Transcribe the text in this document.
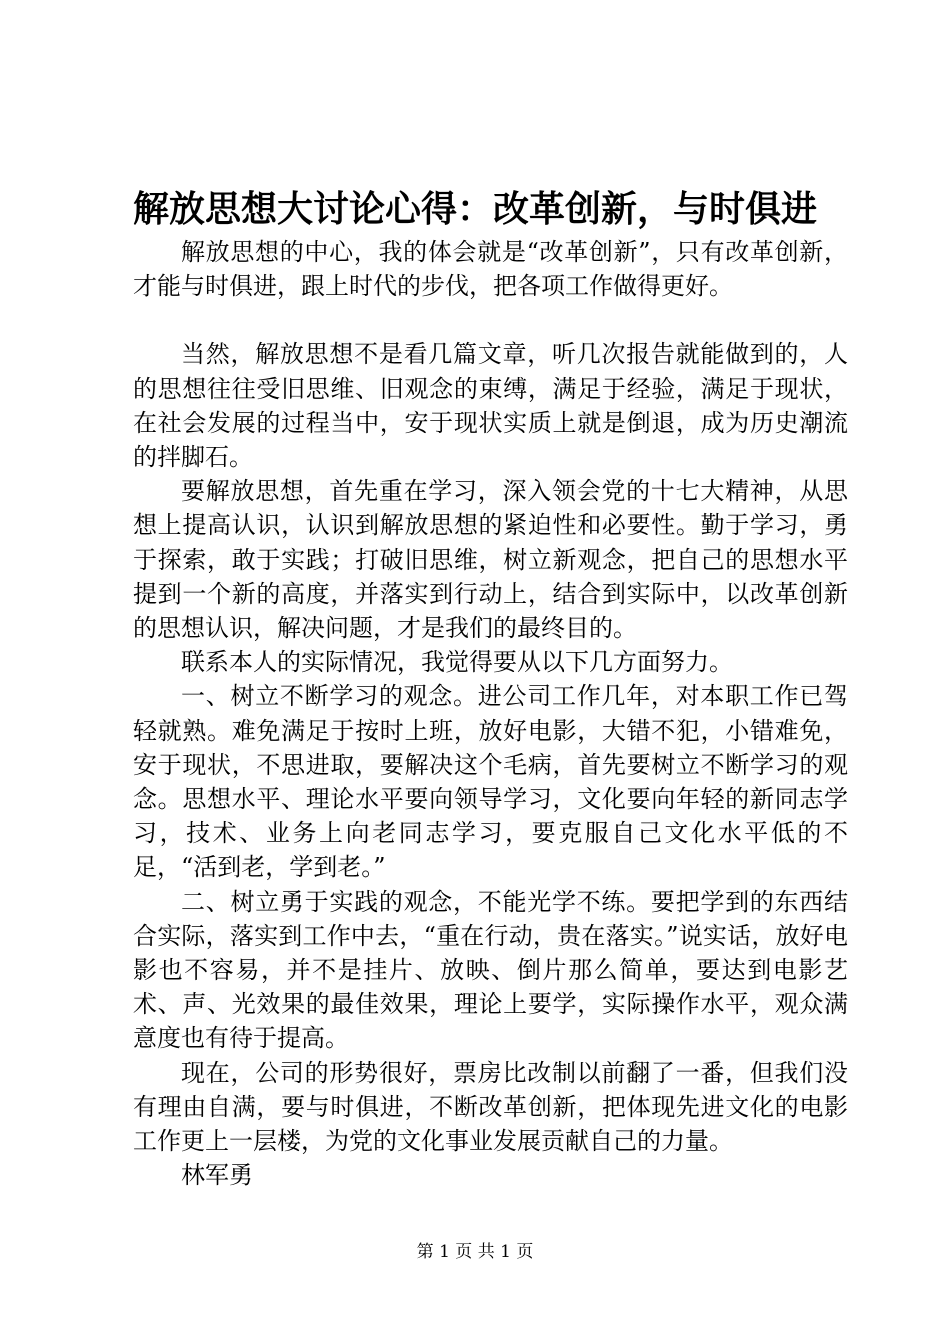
解放思想大讨论心得：改革创新，与时俱进

解放思想的中心，我的体会就是“改革创新”，只有改革创新，才能与时俱进，跟上时代的步伐，把各项工作做得更好。

当然，解放思想不是看几篇文章，听几次报告就能做到的，人的思想往往受旧思维、旧观念的束缚，满足于经验，满足于现状，在社会发展的过程当中，安于现状实质上就是倒退，成为历史潮流的拌脚石。

要解放思想，首先重在学习，深入领会党的十七大精神，从思想上提高认识，认识到解放思想的紧迫性和必要性。勤于学习，勇于探索，敢于实践；打破旧思维，树立新观念，把自己的思想水平提到一个新的高度，并落实到行动上，结合到实际中，以改革创新的思想认识，解决问题，才是我们的最终目的。

联系本人的实际情况，我觉得要从以下几方面努力。

一、树立不断学习的观念。进公司工作几年，对本职工作已驾轻就熟。难免满足于按时上班，放好电影，大错不犯，小错难免，安于现状，不思进取，要解决这个毛病，首先要树立不断学习的观念。思想水平、理论水平要向领导学习，文化要向年轻的新同志学习，技术、业务上向老同志学习，要克服自己文化水平低的不足，“活到老，学到老。”

二、树立勇于实践的观念，不能光学不练。要把学到的东西结合实际，落实到工作中去，“重在行动，贵在落实。”说实话，放好电影也不容易，并不是挂片、放映、倒片那么简单，要达到电影艺术、声、光效果的最佳效果，理论上要学，实际操作水平，观众满意度也有待于提高。

现在，公司的形势很好，票房比改制以前翻了一番，但我们没有理由自满，要与时俱进，不断改革创新，把体现先进文化的电影工作更上一层楼，为党的文化事业发展贡献自己的力量。

林军勇

第 1 页 共 1 页
